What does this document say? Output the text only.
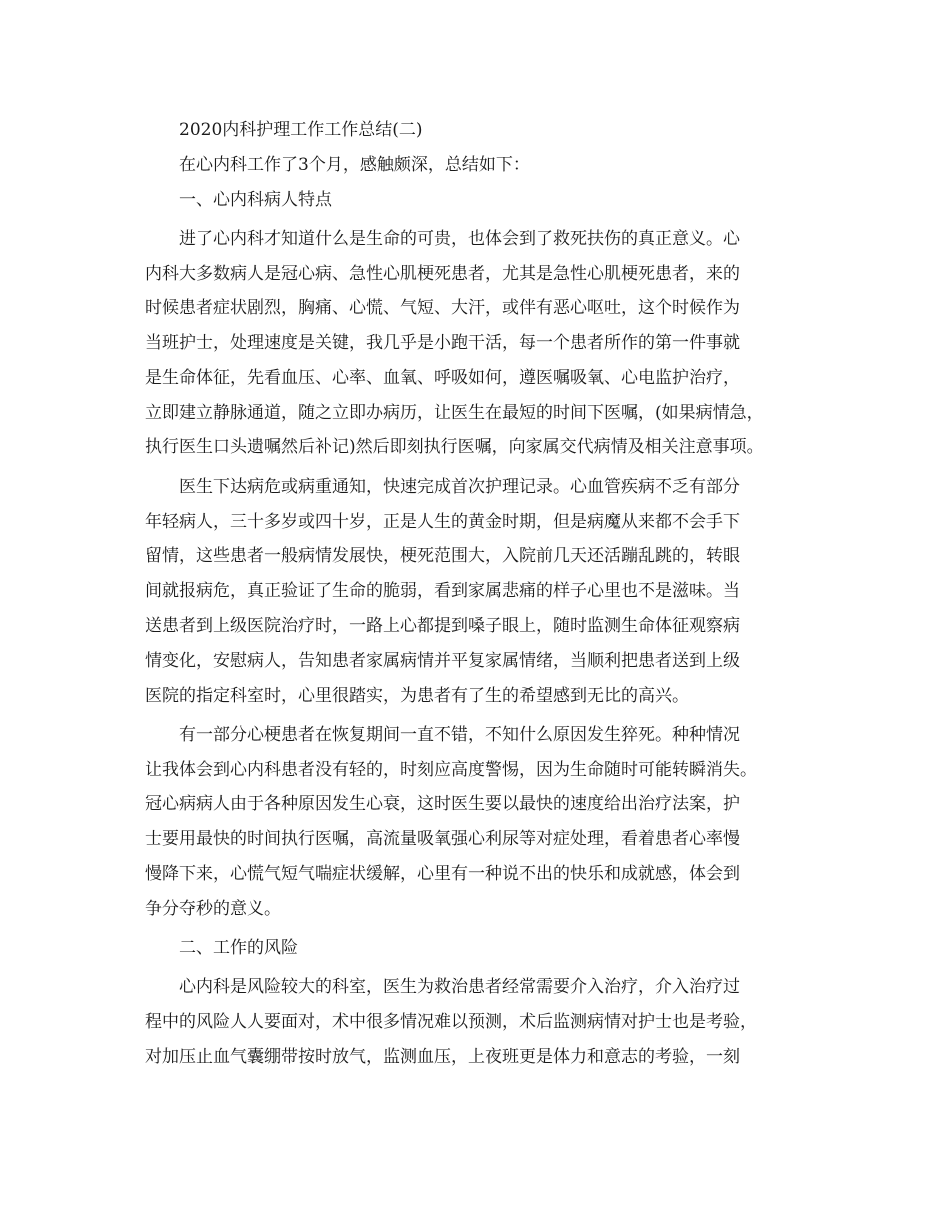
2020内科护理工作工作总结(二)
在心内科工作了3个月，感触颇深，总结如下：
一、心内科病人特点
进了心内科才知道什么是生命的可贵，也体会到了救死扶伤的真正意义。心
内科大多数病人是冠心病、急性心肌梗死患者，尤其是急性心肌梗死患者，来的
时候患者症状剧烈，胸痛、心慌、气短、大汗，或伴有恶心呕吐，这个时候作为
当班护士，处理速度是关键，我几乎是小跑干活，每一个患者所作的第一件事就
是生命体征，先看血压、心率、血氧、呼吸如何，遵医嘱吸氧、心电监护治疗，
立即建立静脉通道，随之立即办病历，让医生在最短的时间下医嘱，(如果病情急，
执行医生口头遗嘱然后补记)然后即刻执行医嘱，向家属交代病情及相关注意事项。
医生下达病危或病重通知，快速完成首次护理记录。心血管疾病不乏有部分
年轻病人，三十多岁或四十岁，正是人生的黄金时期，但是病魔从来都不会手下
留情，这些患者一般病情发展快，梗死范围大，入院前几天还活蹦乱跳的，转眼
间就报病危，真正验证了生命的脆弱，看到家属悲痛的样子心里也不是滋味。当
送患者到上级医院治疗时，一路上心都提到嗓子眼上，随时监测生命体征观察病
情变化，安慰病人，告知患者家属病情并平复家属情绪，当顺利把患者送到上级
医院的指定科室时，心里很踏实，为患者有了生的希望感到无比的高兴。
有一部分心梗患者在恢复期间一直不错，不知什么原因发生猝死。种种情况
让我体会到心内科患者没有轻的，时刻应高度警惕，因为生命随时可能转瞬消失。
冠心病病人由于各种原因发生心衰，这时医生要以最快的速度给出治疗法案，护
士要用最快的时间执行医嘱，高流量吸氧强心利尿等对症处理，看着患者心率慢
慢降下来，心慌气短气喘症状缓解，心里有一种说不出的快乐和成就感，体会到
争分夺秒的意义。
二、工作的风险
心内科是风险较大的科室，医生为救治患者经常需要介入治疗，介入治疗过
程中的风险人人要面对，术中很多情况难以预测，术后监测病情对护士也是考验，
对加压止血气囊绷带按时放气，监测血压，上夜班更是体力和意志的考验，一刻
